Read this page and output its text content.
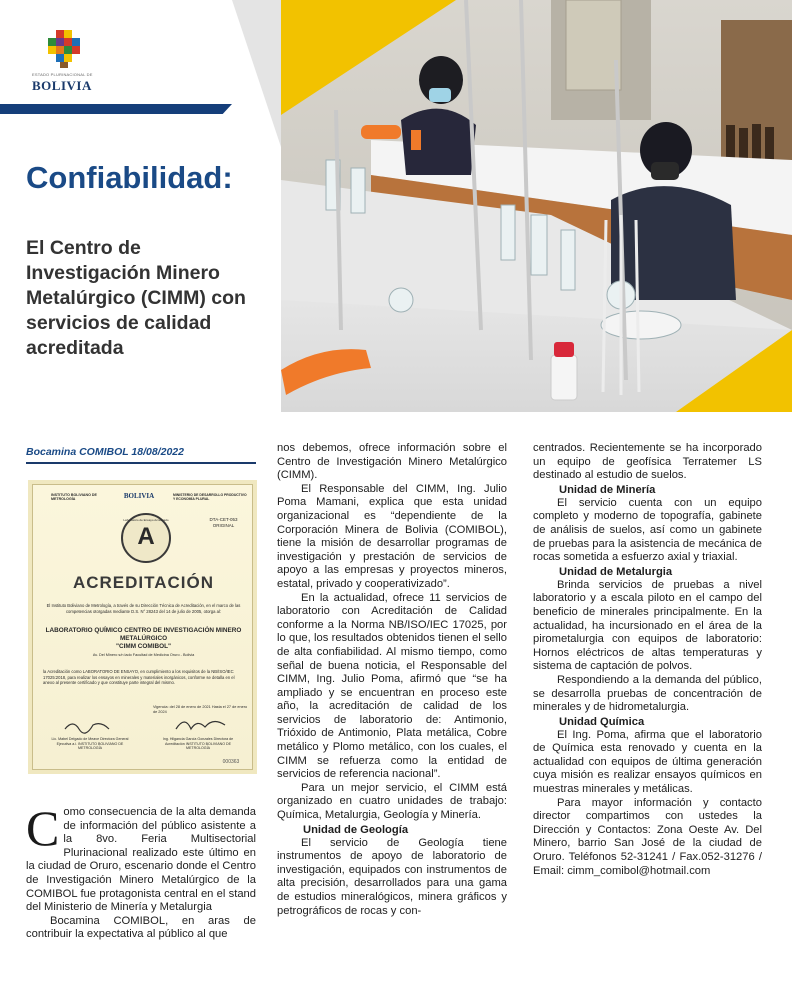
ESTADO PLURINACIONAL DE
BOLIVIA
Confiabilidad:
El Centro de Investigación Minero Metalúrgico (CIMM) con servicios de calidad acreditada
Bocamina COMIBOL 18/08/2022
INSTITUTO BOLIVIANO DE METROLOGÍA	BOLIVIA	MINISTERIO DE DESARROLLO PRODUCTIVO Y ECONOMÍA PLURAL
DTA-CET-053
ORIGINAL
Laboratorio de Ensayo Acreditado
A
ACREDITACIÓN
El Instituto Boliviano de Metrología, a través de su Dirección Técnica de Acreditación, en el marco de las competencias otorgadas mediante D.S. N° 28243 del 14 de julio de 2005, otorga al:
LABORATORIO QUÍMICO CENTRO DE INVESTIGACIÓN MINERO METALÚRGICO
"CIMM COMIBOL"
Av. Del Minero s/n lado Facultad de Medicina Oruro - Bolivia
la Acreditación como LABORATORIO DE ENSAYO, en cumplimiento a los requisitos de la NB/ISO/IEC 17025:2018, para realizar los ensayos en minerales y materiales inorgánicos, conforme se detalla en el anexo al presente certificado y que constituye parte integral del mismo.
Vigencia: del 28 de enero de 2021 Hasta el 27 de enero de 2024
Lic. Mabel Delgado de Meave Directora General Ejecutiva a.i. INSTITUTO BOLIVIANO DE METROLOGÍA
Ing. Hilgancia García Gonzales Directora de Acreditación INSTITUTO BOLIVIANO DE METROLOGÍA
000363

Como consecuencia de la alta demanda de información del público asistente a la 8vo. Feria Multisectorial Plurinacional realizado este último en la ciudad de Oruro, escenario donde el Centro de Investigación Minero Metalúrgico de la COMIBOL fue protagonista central en el stand del Ministerio de Minería y Metalurgia

Bocamina COMIBOL, en aras de contribuir la expectativa al público al que

nos debemos, ofrece información sobre el Centro de Investigación Minero Metalúrgico (CIMM).

El Responsable del CIMM, Ing. Julio Poma Mamani, explica que esta unidad organizacional es “dependiente de la Corporación Minera de Bolivia (COMIBOL), tiene la misión de desarrollar programas de investigación y prestación de servicios de apoyo a las empresas y proyectos mineros, estatal, privado y cooperativizado”.

En la actualidad, ofrece 11 servicios de laboratorio con Acreditación de Calidad conforme a la Norma NB/ISO/IEC 17025, por lo que, los resultados obtenidos tienen el sello de alta confiabilidad. Al mismo tiempo, como señal de buena noticia, el Responsable del CIMM, Ing. Julio Poma, afirmó que “se ha ampliado y se encuentran en proceso este año, la acreditación de calidad de los servicios de laboratorio de: Antimonio, Trióxido de Antimonio, Plata metálica, Cobre metálico y Plomo metálico, con los cuales, el CIMM se refuerza como la entidad de servicios de referencia nacional”.

Para un mejor servicio, el CIMM está organizado en cuatro unidades de trabajo: Química, Metalurgia, Geología y Minería.

Unidad de Geología

El servicio de Geología tiene instrumentos de apoyo de laboratorio de investigación, equipados con instrumentos de alta precisión, desarrollados para una gama de estudios mineralógicos, minera gráficos y petrográficos de rocas y con-

centrados. Recientemente se ha incorporado un equipo de geofísica Terratemer LS destinado al estudio de suelos.

Unidad de Minería

El servicio cuenta con un equipo completo y moderno de topografía, gabinete de análisis de suelos, así como un gabinete de pruebas para la asistencia de mecánica de rocas sometida a esfuerzo axial y triaxial.

Unidad de Metalurgia

Brinda servicios de pruebas a nivel laboratorio y a escala piloto en el campo del beneficio de minerales principalmente. En la actualidad, ha incursionado en el área de la pirometalurgia con equipos de laboratorio: Hornos eléctricos de altas temperaturas y sistema de captación de polvos.

Respondiendo a la demanda del público, se desarrolla pruebas de concentración de minerales y de hidrometalurgia.

Unidad Química

El Ing. Poma, afirma que el laboratorio de Química esta renovado y cuenta en la actualidad con equipos de última generación cuya misión es realizar ensayos químicos en muestras minerales y metálicas.

Para mayor información y contacto director compartimos con ustedes la Dirección y Contactos: Zona Oeste Av. Del Minero, barrio San José de la ciudad de Oruro. Teléfonos 52-31241 / Fax.052-31276 / Email: cimm_comibol@hotmail.com
